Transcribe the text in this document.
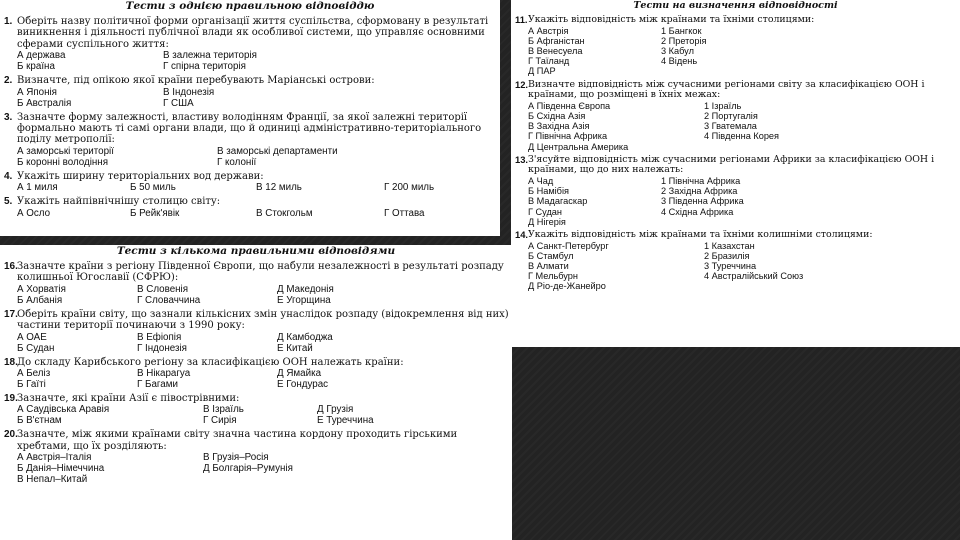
Тести з однією правильною відповіддю
1. Оберіть назву політичної форми організації життя суспільства, сформовану в результаті виникнення і діяльності публічної влади як особливої системи, що управляє основними сферами суспільного життя:
А держава	В залежна територія
Б країна	Г спірна територія
2. Визначте, під опікою якої країни перебувають Маріанські острови:
А Японія	В Індонезія
Б Австралія	Г США
3. Зазначте форму залежності, властиву володінням Франції, за якої залежні території формально мають ті самі органи влади, що й одиниці адміністративно-територіального поділу метрополії:
А заморські території	В заморські департаменти
Б коронні володіння	Г колонії
4. Укажіть ширину територіальних вод держави:
А 1 миля	Б 50 миль	В 12 миль	Г 200 миль
5. Укажіть найпівнічнішу столицю світу:
А Осло	Б Рейк'явік	В Стокгольм	Г Оттава
Тести з кількома правильними відповідями
16. Зазначте країни з регіону Південної Європи, що набули незалежності в результаті розпаду колишньої Югославії (СФРЮ):
А Хорватія	В Словенія	Д Македонія
Б Албанія	Г Словаччина	Е Угорщина
17. Оберіть країни світу, що зазнали кількісних змін унаслідок розпаду (відокремлення від них) частини території починаючи з 1990 року:
А ОАЕ	В Ефіопія	Д Камбоджа
Б Судан	Г Індонезія	Е Китай
18. До складу Карибського регіону за класифікацією ООН належать країни:
А Беліз	В Нікарагуа	Д Ямайка
Б Гаїті	Г Багами	Е Гондурас
19. Зазначте, які країни Азії є півострівними:
А Саудівська Аравія	В Ізраїль	Д Грузія
Б В'єтнам	Г Сирія	Е Туреччина
20. Зазначте, між якими країнами світу значна частина кордону проходить гірськими хребтами, що їх розділяють:
А Австрія–Італія	В Грузія–Росія
Б Данія–Німеччина	Д Болгарія–Румунія
В Непал–Китай
Тести на визначення відповідності
11. Укажіть відповідність між країнами та їхніми столицями:
А Австрія	1 Бангкок
Б Афганістан	2 Преторія
В Венесуела	3 Кабул
Г Таїланд	4 Відень
Д ПАР
12. Визначте відповідність між сучасними регіонами світу за класифікацією ООН і країнами, що розміщені в їхніх межах:
А Південна Європа	1 Ізраїль
Б Східна Азія	2 Португалія
В Західна Азія	3 Гватемала
Г Північна Африка	4 Південна Корея
Д Центральна Америка
13. З'ясуйте відповідність між сучасними регіонами Африки за класифікацією ООН і країнами, що до них належать:
А Чад	1 Північна Африка
Б Намібія	2 Західна Африка
В Мадагаскар	3 Південна Африка
Г Судан	4 Східна Африка
Д Нігерія
14. Укажіть відповідність між країнами та їхніми колишніми столицями:
А Санкт-Петербург	1 Казахстан
Б Стамбул	2 Бразилія
В Алмати	3 Туреччина
Г Мельбурн	4 Австралійський Союз
Д Ріо-де-Жанейро
